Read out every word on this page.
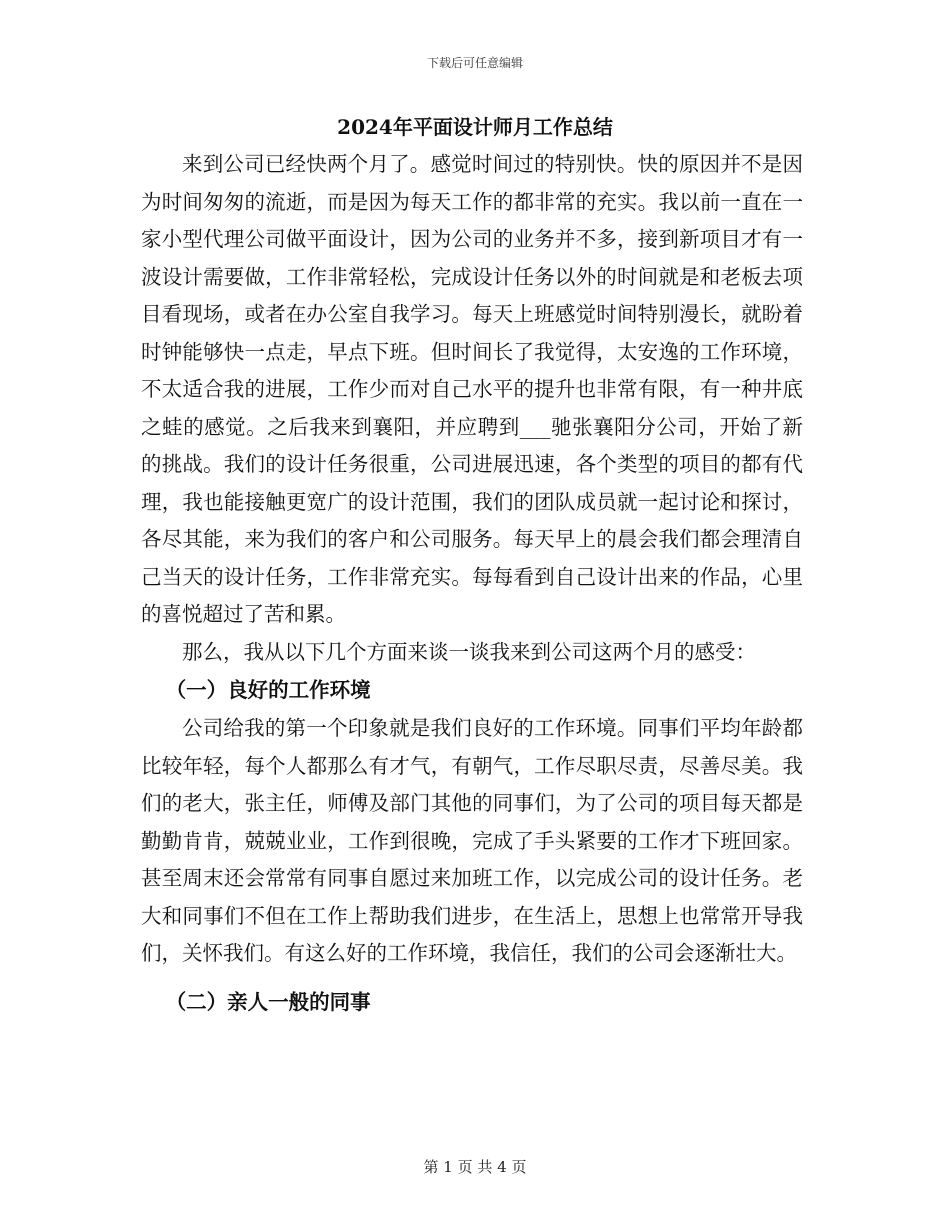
下载后可任意编辑
2024年平面设计师月工作总结

来到公司已经快两个月了。感觉时间过的特别快。快的原因并不是因为时间匆匆的流逝，而是因为每天工作的都非常的充实。我以前一直在一家小型代理公司做平面设计，因为公司的业务并不多，接到新项目才有一波设计需要做，工作非常轻松，完成设计任务以外的时间就是和老板去项目看现场，或者在办公室自我学习。每天上班感觉时间特别漫长，就盼着时钟能够快一点走，早点下班。但时间长了我觉得，太安逸的工作环境，不太适合我的进展，工作少而对自己水平的提升也非常有限，有一种井底之蛙的感觉。之后我来到襄阳，并应聘到___驰张襄阳分公司，开始了新的挑战。我们的设计任务很重，公司进展迅速，各个类型的项目的都有代理，我也能接触更宽广的设计范围，我们的团队成员就一起讨论和探讨，各尽其能，来为我们的客户和公司服务。每天早上的晨会我们都会理清自己当天的设计任务，工作非常充实。每每看到自己设计出来的作品，心里的喜悦超过了苦和累。

那么，我从以下几个方面来谈一谈我来到公司这两个月的感受：

（一）良好的工作环境

公司给我的第一个印象就是我们良好的工作环境。同事们平均年龄都比较年轻，每个人都那么有才气，有朝气，工作尽职尽责，尽善尽美。我们的老大，张主任，师傅及部门其他的同事们，为了公司的项目每天都是勤勤肯肯，兢兢业业，工作到很晚，完成了手头紧要的工作才下班回家。甚至周末还会常常有同事自愿过来加班工作，以完成公司的设计任务。老大和同事们不但在工作上帮助我们进步，在生活上，思想上也常常开导我们，关怀我们。有这么好的工作环境，我信任，我们的公司会逐渐壮大。

（二）亲人一般的同事

第 1 页 共 4 页
